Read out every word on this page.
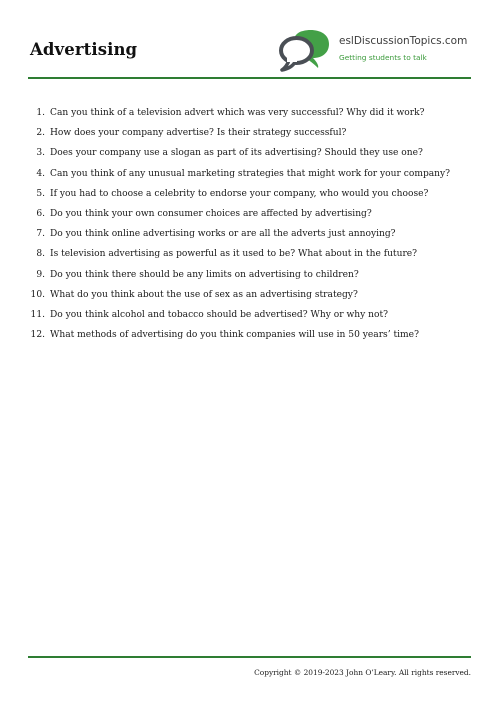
Advertising	eslDiscussionTopics.com
Getting students to talk
1. Can you think of a television advert which was very successful? Why did it work?
2. How does your company advertise? Is their strategy successful?
3. Does your company use a slogan as part of its advertising? Should they use one?
4. Can you think of any unusual marketing strategies that might work for your company?
5. If you had to choose a celebrity to endorse your company, who would you choose?
6. Do you think your own consumer choices are affected by advertising?
7. Do you think online advertising works or are all the adverts just annoying?
8. Is television advertising as powerful as it used to be? What about in the future?
9. Do you think there should be any limits on advertising to children?
10. What do you think about the use of sex as an advertising strategy?
11. Do you think alcohol and tobacco should be advertised? Why or why not?
12. What methods of advertising do you think companies will use in 50 years’ time?
Copyright © 2019-2023 John O’Leary. All rights reserved.
